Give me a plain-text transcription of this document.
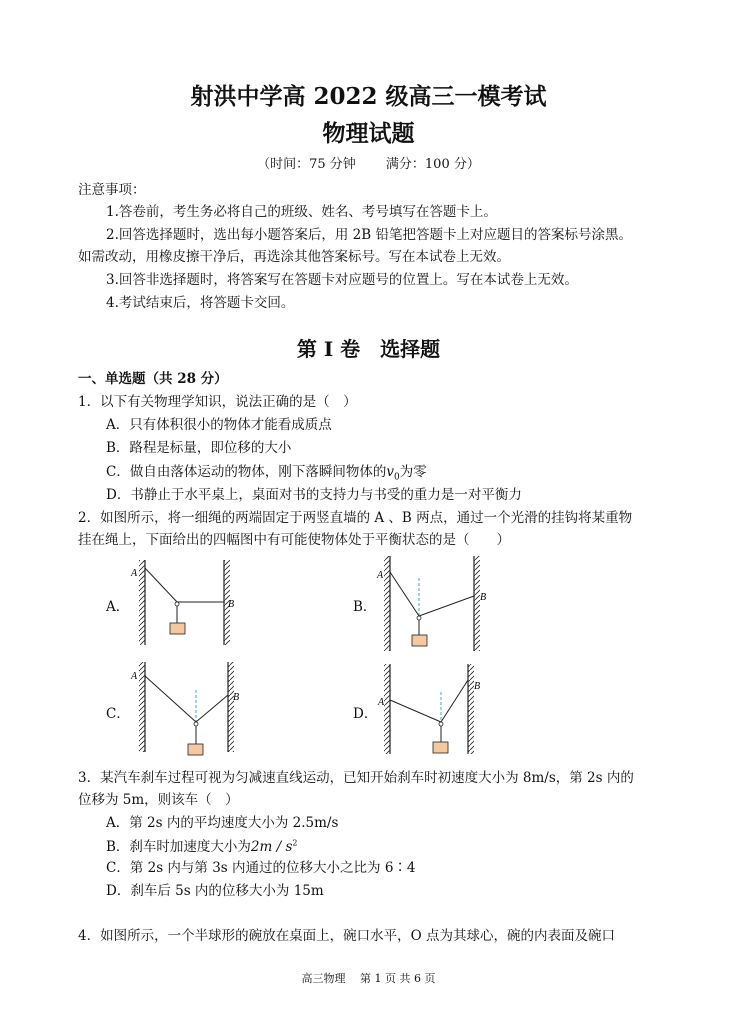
射洪中学高 2022 级高三一模考试
物理试题
（时间：75 分钟　　 满分：100 分）
注意事项：
1.答卷前，考生务必将自己的班级、姓名、考号填写在答题卡上。
2.回答选择题时，选出每小题答案后，用 2B 铅笔把答题卡上对应题目的答案标号涂黑。
如需改动，用橡皮擦干净后，再选涂其他答案标号。写在本试卷上无效。
3.回答非选择题时，将答案写在答题卡对应题号的位置上。写在本试卷上无效。
4.考试结束后，将答题卡交回。
第 I 卷　选择题
一、单选题（共 28 分）
1．以下有关物理学知识，说法正确的是（　）
A．只有体积很小的物体才能看成质点
B．路程是标量，即位移的大小
C．做自由落体运动的物体，刚下落瞬间物体的$v_0$为零
D．书静止于水平桌上，桌面对书的支持力与书受的重力是一对平衡力
2．如图所示，将一细绳的两端固定于两竖直墙的 A 、B 两点，通过一个光滑的挂钩将某重物
挂在绳上，下面给出的四幅图中有可能使物体处于平衡状态的是（　　）
A．	B．
C．	D．
A
B
A
B
A
B	A
B
3．某汽车刹车过程可视为匀减速直线运动，已知开始刹车时初速度大小为 8m/s，第 2s 内的
位移为 5m，则该车（　）
A．第 2s 内的平均速度大小为 2.5m/s
B．刹车时加速度大小为$2m / s^2$
C．第 2s 内与第 3s 内通过的位移大小之比为 6∶4
D．刹车后 5s 内的位移大小为 15m
4．如图所示，一个半球形的碗放在桌面上，碗口水平，O 点为其球心，碗的内表面及碗口
高三物理　 第 1 页 共 6 页
